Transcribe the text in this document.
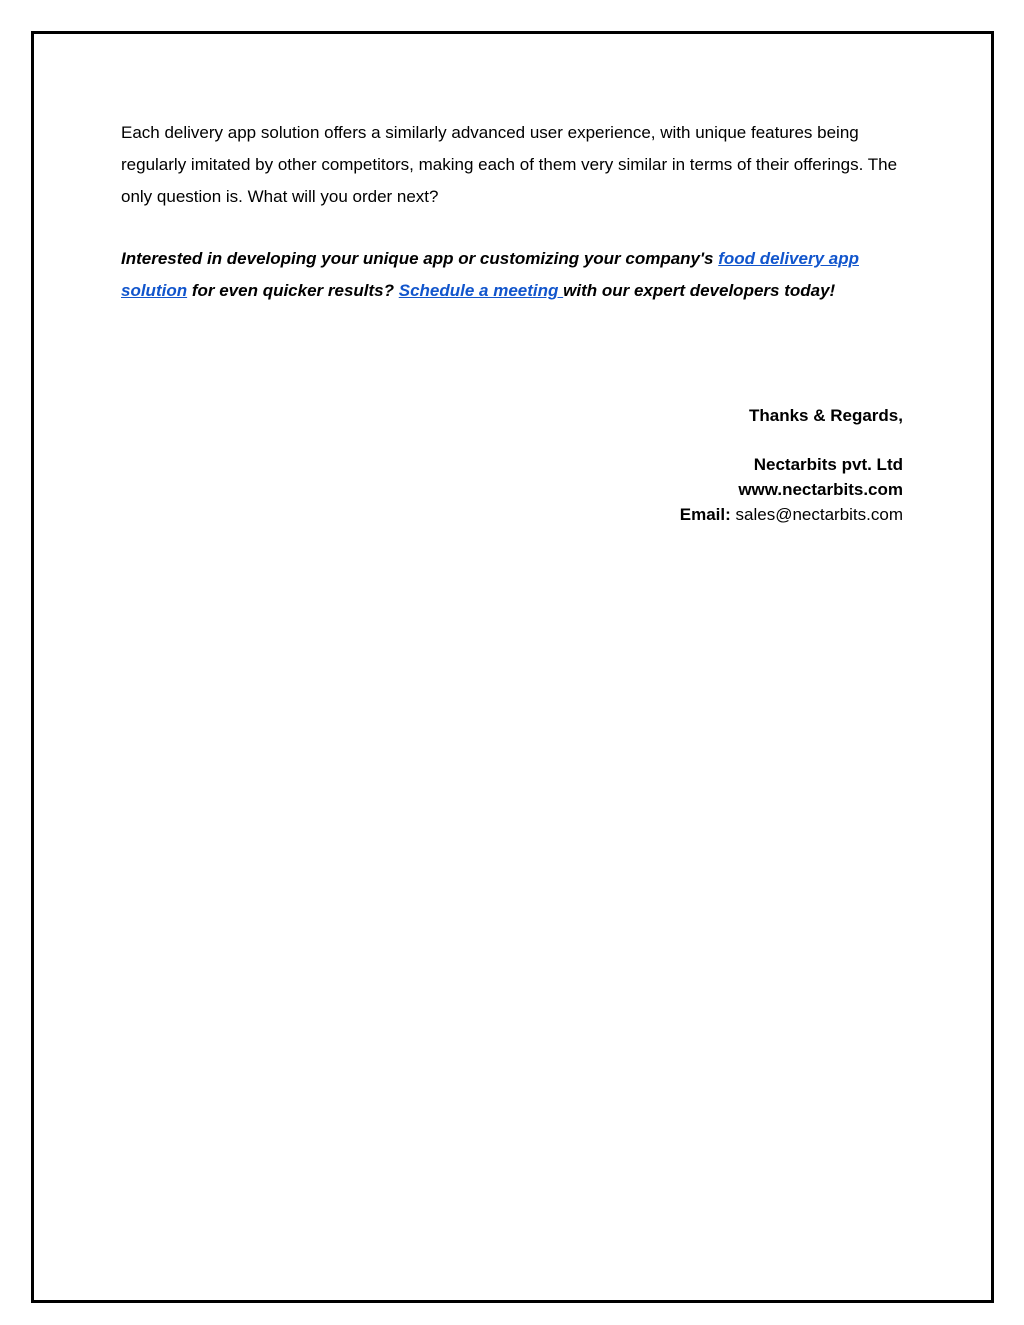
Each delivery app solution offers a similarly advanced user experience, with unique features being regularly imitated by other competitors, making each of them very similar in terms of their offerings. The only question is. What will you order next?

Interested in developing your unique app or customizing your company's food delivery app solution for even quicker results? Schedule a meeting with our expert developers today!

Thanks & Regards,
Nectarbits pvt. Ltd
www.nectarbits.com
Email: sales@nectarbits.com
